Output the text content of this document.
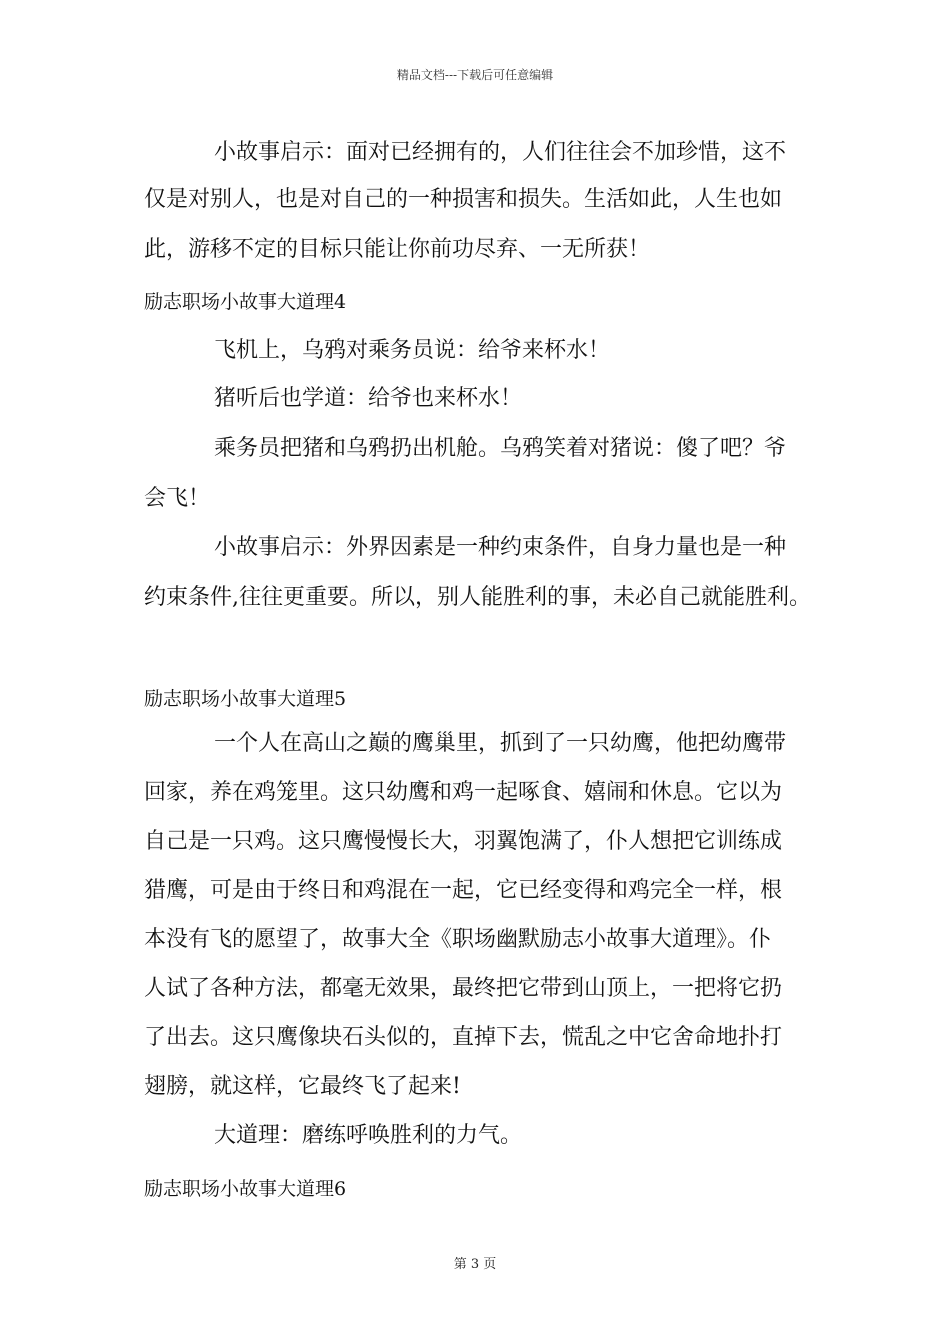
精品文档---下载后可任意编辑
小故事启示：面对已经拥有的，人们往往会不加珍惜，这不
仅是对别人，也是对自己的一种损害和损失。生活如此，人生也如
此，游移不定的目标只能让你前功尽弃、一无所获！
励志职场小故事大道理4
飞机上，乌鸦对乘务员说：给爷来杯水！
猪听后也学道：给爷也来杯水！
乘务员把猪和乌鸦扔出机舱。乌鸦笑着对猪说：傻了吧？爷
会飞！
小故事启示：外界因素是一种约束条件，自身力量也是一种
约束条件,往往更重要。所以，别人能胜利的事，未必自己就能胜利。
励志职场小故事大道理5
一个人在高山之巅的鹰巢里，抓到了一只幼鹰，他把幼鹰带
回家，养在鸡笼里。这只幼鹰和鸡一起啄食、嬉闹和休息。它以为
自己是一只鸡。这只鹰慢慢长大，羽翼饱满了，仆人想把它训练成
猎鹰，可是由于终日和鸡混在一起，它已经变得和鸡完全一样，根
本没有飞的愿望了，故事大全《职场幽默励志小故事大道理》。仆
人试了各种方法，都毫无效果，最终把它带到山顶上，一把将它扔
了出去。这只鹰像块石头似的，直掉下去，慌乱之中它舍命地扑打
翅膀，就这样，它最终飞了起来!
大道理：磨练呼唤胜利的力气。
励志职场小故事大道理6
第 3 页
